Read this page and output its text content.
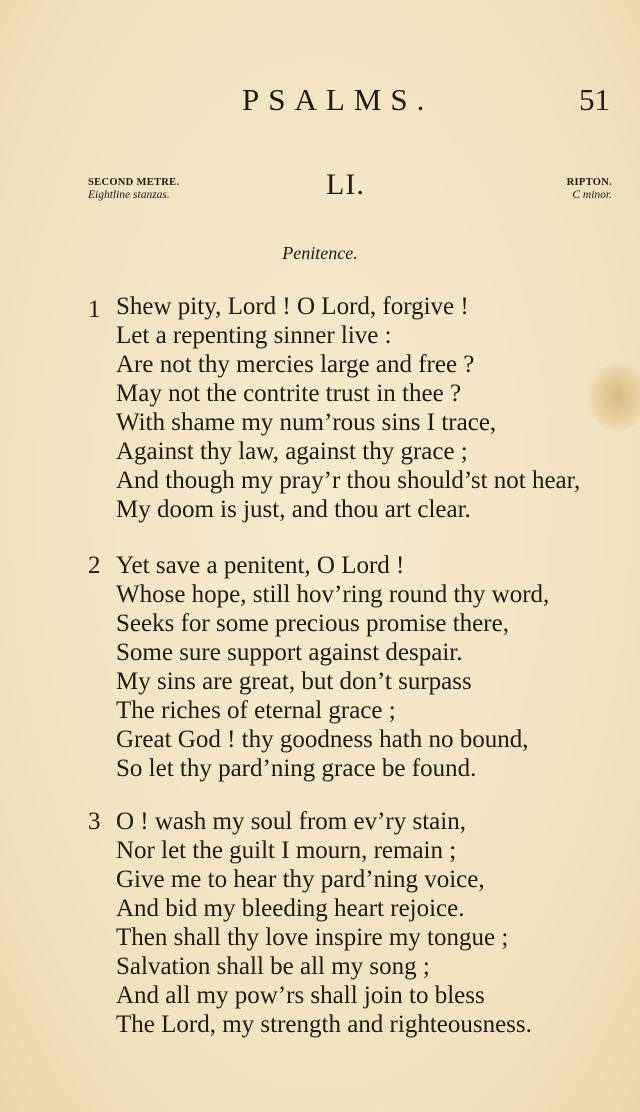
PSALMS.	51
SECOND METRE.
Eightline stanzas.	LI.	RIPTON.
C minor.
Penitence.
1 Shew pity, Lord ! O Lord, forgive !
Let a repenting sinner live :
Are not thy mercies large and free ?
May not the contrite trust in thee ?
With shame my num’rous sins I trace,
Against thy law, against thy grace ;
And though my pray’r thou should’st not hear,
My doom is just, and thou art clear.
2 Yet save a penitent, O Lord !
Whose hope, still hov’ring round thy word,
Seeks for some precious promise there,
Some sure support against despair.
My sins are great, but don’t surpass
The riches of eternal grace ;
Great God ! thy goodness hath no bound,
So let thy pard’ning grace be found.
3 O ! wash my soul from ev’ry stain,
Nor let the guilt I mourn, remain ;
Give me to hear thy pard’ning voice,
And bid my bleeding heart rejoice.
Then shall thy love inspire my tongue ;
Salvation shall be all my song ;
And all my pow’rs shall join to bless
The Lord, my strength and righteousness.
